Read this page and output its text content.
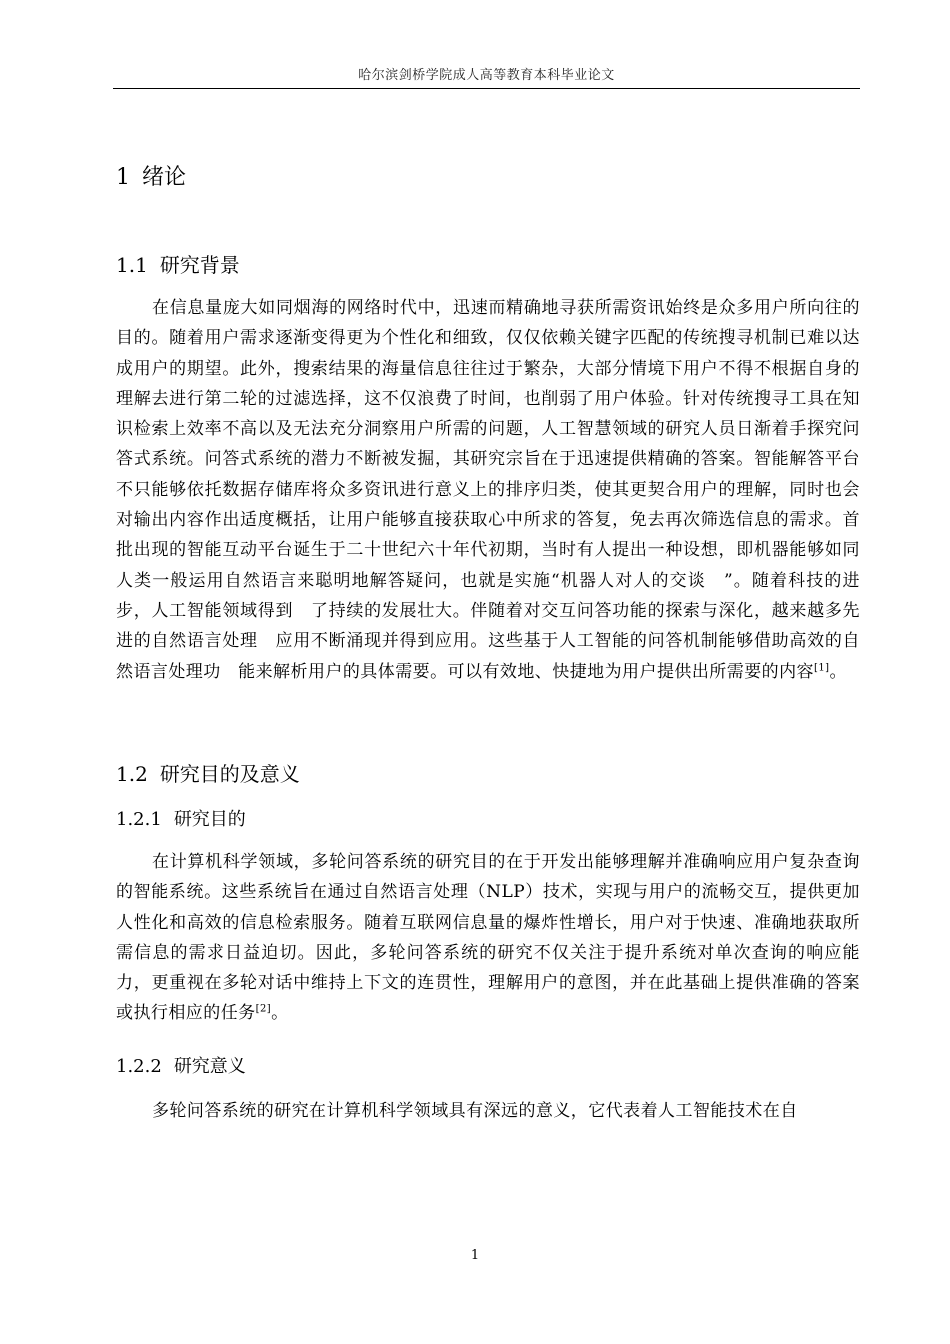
哈尔滨剑桥学院成人高等教育本科毕业论文
1 绪论
1.1 研究背景

在信息量庞大如同烟海的网络时代中，迅速而精确地寻获所需资讯始终是众多用户所向往的目的。随着用户需求逐渐变得更为个性化和细致，仅仅依赖关键字匹配的传统搜寻机制已难以达成用户的期望。此外，搜索结果的海量信息往往过于繁杂，大部分情境下用户不得不根据自身的理解去进行第二轮的过滤选择，这不仅浪费了时间，也削弱了用户体验。针对传统搜寻工具在知识检索上效率不高以及无法充分洞察用户所需的问题，人工智慧领域的研究人员日渐着手探究问答式系统。问答式系统的潜力不断被发掘，其研究宗旨在于迅速提供精确的答案。智能解答平台不只能够依托数据存储库将众多资讯进行意义上的排序归类，使其更契合用户的理解，同时也会对输出内容作出适度概括，让用户能够直接获取心中所求的答复，免去再次筛选信息的需求。首批出现的智能互动平台诞生于二十世纪六十年代初期，当时有人提出一种设想，即机器能够如同人类一般运用自然语言来聪明地解答疑问，也就是实施“机器人对人的交谈　”。随着科技的进步，人工智能领域得到　了持续的发展壮大。伴随着对交互问答功能的探索与深化，越来越多先进的自然语言处理　应用不断涌现并得到应用。这些基于人工智能的问答机制能够借助高效的自然语言处理功　能来解析用户的具体需要。可以有效地、快捷地为用户提供出所需要的内容[1]。

1.2 研究目的及意义
1.2.1 研究目的

在计算机科学领域，多轮问答系统的研究目的在于开发出能够理解并准确响应用户复杂查询的智能系统。这些系统旨在通过自然语言处理（NLP）技术，实现与用户的流畅交互，提供更加人性化和高效的信息检索服务。随着互联网信息量的爆炸性增长，用户对于快速、准确地获取所需信息的需求日益迫切。因此，多轮问答系统的研究不仅关注于提升系统对单次查询的响应能力，更重视在多轮对话中维持上下文的连贯性，理解用户的意图，并在此基础上提供准确的答案或执行相应的任务[2]。

1.2.2 研究意义

多轮问答系统的研究在计算机科学领域具有深远的意义，它代表着人工智能技术在自

1
